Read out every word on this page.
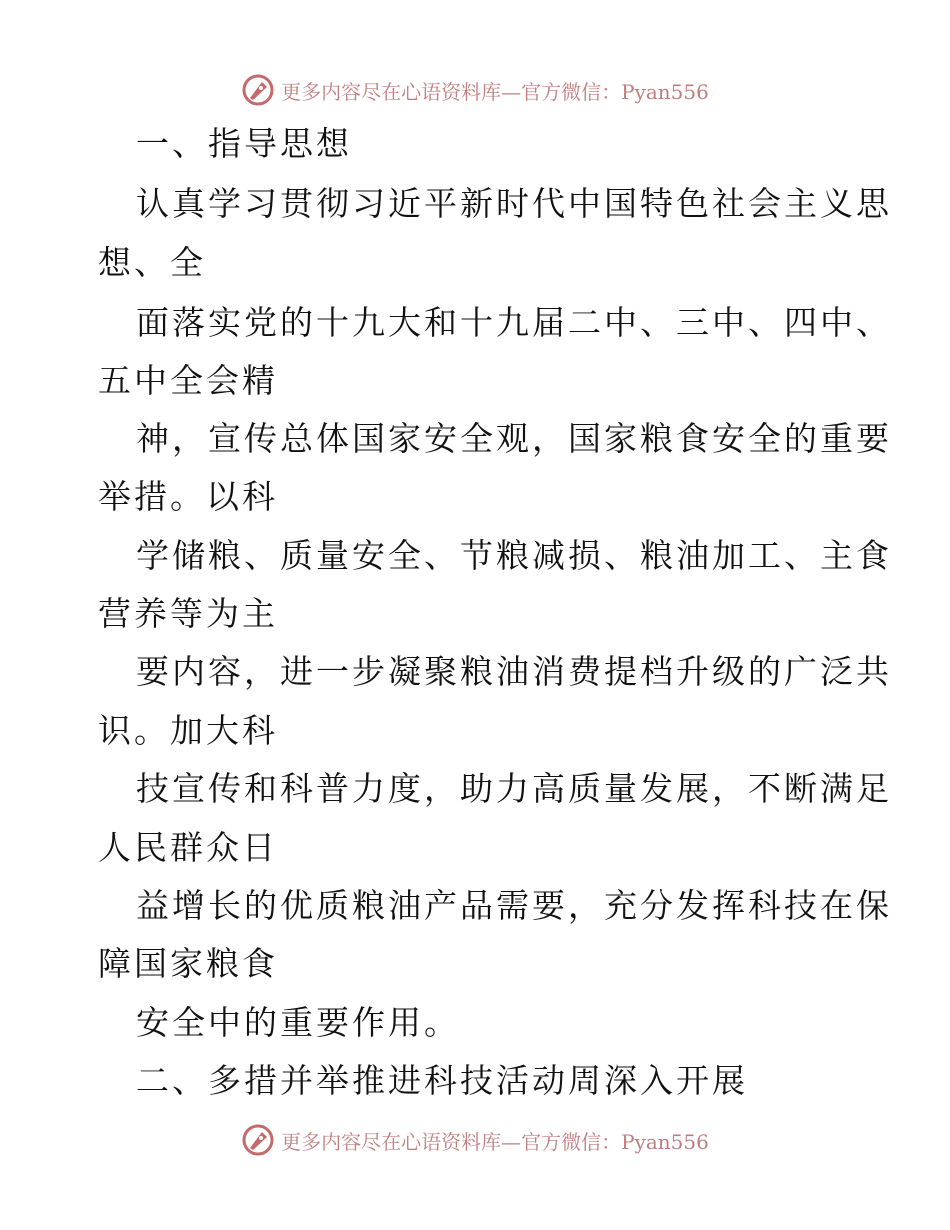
更多内容尽在心语资料库—官方微信：Pyan556
一、指导思想
认真学习贯彻习近平新时代中国特色社会主义思
想、全
面落实党的十九大和十九届二中、三中、四中、
五中全会精
神，宣传总体国家安全观，国家粮食安全的重要
举措。以科
学储粮、质量安全、节粮减损、粮油加工、主食
营养等为主
要内容，进一步凝聚粮油消费提档升级的广泛共
识。加大科
技宣传和科普力度，助力高质量发展，不断满足
人民群众日
益增长的优质粮油产品需要，充分发挥科技在保
障国家粮食
安全中的重要作用。
二、多措并举推进科技活动周深入开展
更多内容尽在心语资料库—官方微信：Pyan556
